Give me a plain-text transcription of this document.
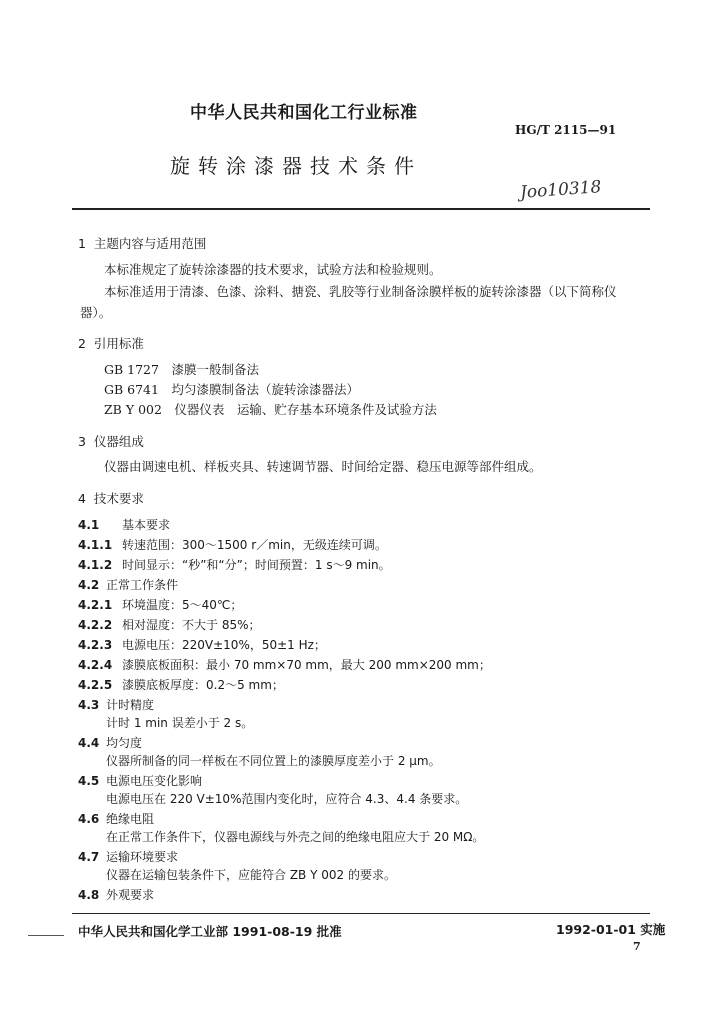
中华人民共和国化工行业标准
HG/T 2115—91
旋转涂漆器技术条件
Joo10318
1 主题内容与适用范围
本标准规定了旋转涂漆器的技术要求，试验方法和检验规则。
本标准适用于清漆、色漆、涂料、搪瓷、乳胶等行业制备涂膜样板的旋转涂漆器（以下简称仪
器）。
2 引用标准
GB 1727　漆膜一般制备法
GB 6741　均匀漆膜制备法（旋转涂漆器法）
ZB Y 002　仪器仪表　运输、贮存基本环境条件及试验方法
3 仪器组成
仪器由调速电机、样板夹具、转速调节器、时间给定器、稳压电源等部件组成。
4 技术要求
4.1 基本要求
4.1.1 转速范围：300～1500 r／min，无级连续可调。
4.1.2 时间显示：“秒”和“分”；时间预置：1 s～9 min。
4.2 正常工作条件
4.2.1 环境温度：5～40℃；
4.2.2 相对湿度：不大于 85%；
4.2.3 电源电压：220V±10%，50±1 Hz；
4.2.4 漆膜底板面积：最小 70 mm×70 mm，最大 200 mm×200 mm；
4.2.5 漆膜底板厚度：0.2～5 mm；
4.3 计时精度
计时 1 min 误差小于 2 s。
4.4 均匀度
仪器所制备的同一样板在不同位置上的漆膜厚度差小于 2 μm。
4.5 电源电压变化影响
电源电压在 220 V±10%范围内变化时，应符合 4.3、4.4 条要求。
4.6 绝缘电阻
在正常工作条件下，仪器电源线与外壳之间的绝缘电阻应大于 20 MΩ。
4.7 运输环境要求
仪器在运输包装条件下，应能符合 ZB Y 002 的要求。
4.8 外观要求
中华人民共和国化学工业部 1991-08-19 批准	1992-01-01 实施
7
